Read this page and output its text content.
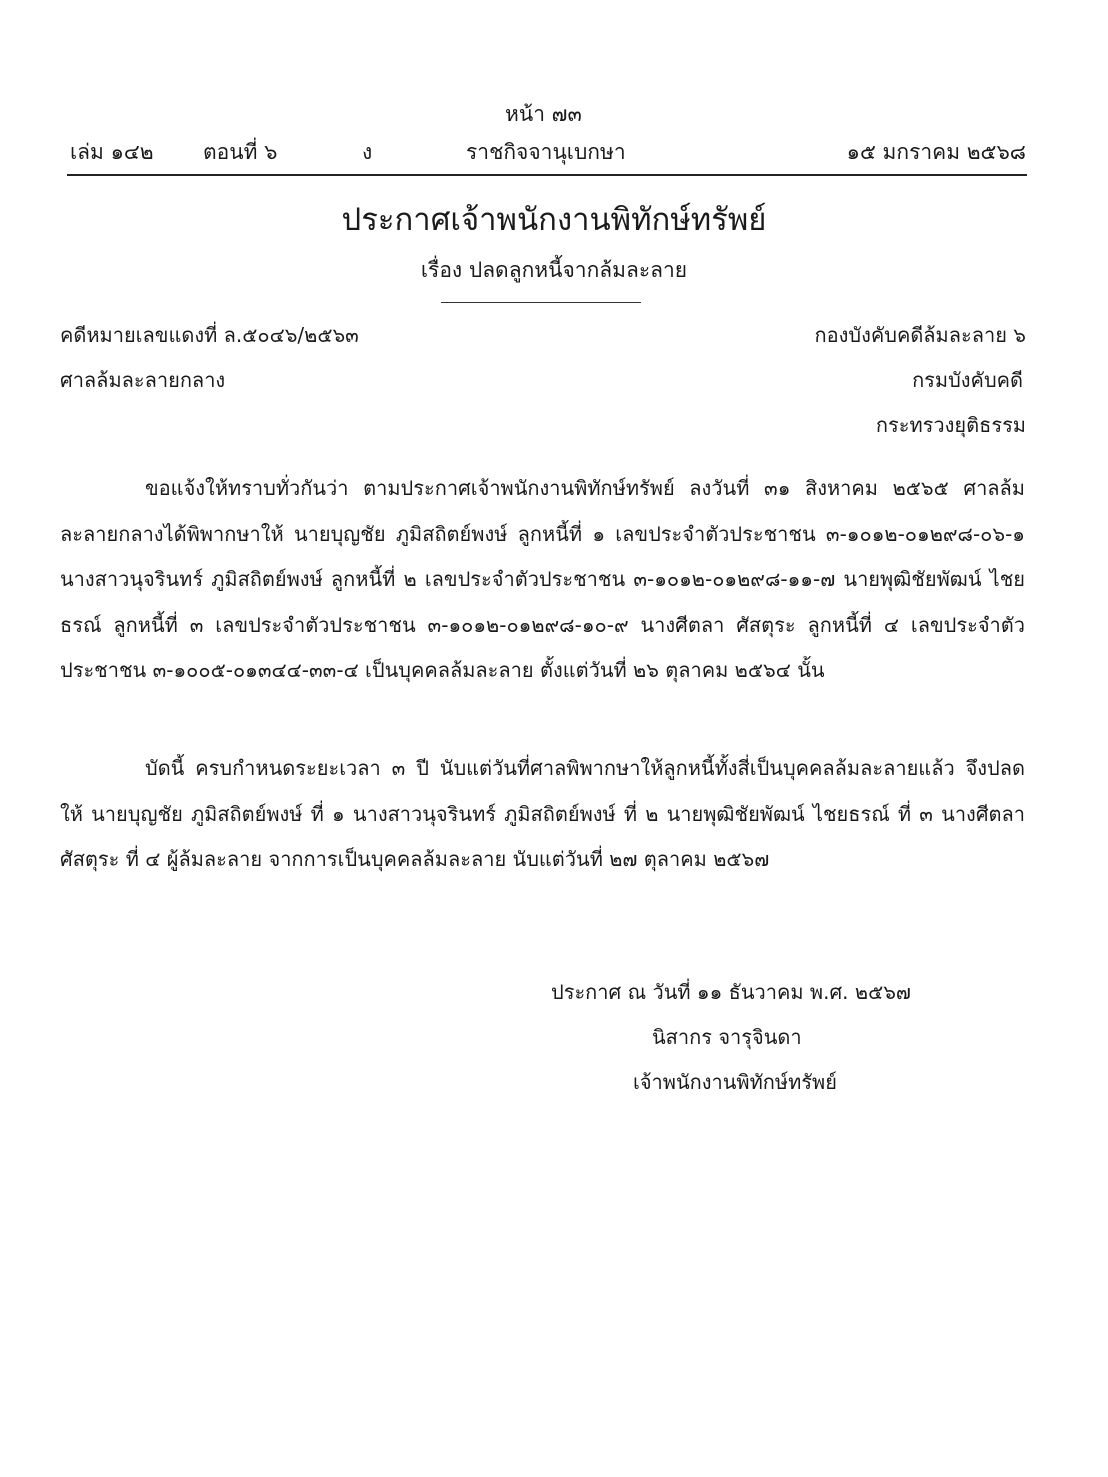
หน้า ๗๓
เล่ม ๑๔๒ ตอนที่ ๖	ง	ราชกิจจานุเบกษา	๑๕ มกราคม ๒๕๖๘
ประกาศเจ้าพนักงานพิทักษ์ทรัพย์
เรื่อง ปลดลูกหนี้จากล้มละลาย
คดีหมายเลขแดงที่ ล.๕๐๔๖/๒๕๖๓
ศาลล้มละลายกลาง
กองบังคับคดีล้มละลาย ๖
กรมบังคับคดี
กระทรวงยุติธรรม

ขอแจ้งให้ทราบทั่วกันว่า ตามประกาศเจ้าพนักงานพิทักษ์ทรัพย์ ลงวันที่ ๓๑ สิงหาคม ๒๕๖๕ ศาลล้มละลายกลางได้พิพากษาให้ นายบุญชัย ภูมิสถิตย์พงษ์ ลูกหนี้ที่ ๑ เลขประจำตัวประชาชน ๓-๑๐๑๒-๐๑๒๙๘-๐๖-๑ นางสาวนุจรินทร์ ภูมิสถิตย์พงษ์ ลูกหนี้ที่ ๒ เลขประจำตัวประชาชน ๓-๑๐๑๒-๐๑๒๙๘-๑๑-๗ นายพุฒิชัยพัฒน์ ไชยธรณ์ ลูกหนี้ที่ ๓ เลขประจำตัวประชาชน ๓-๑๐๑๒-๐๑๒๙๘-๑๐-๙ นางศีตลา ศัสตุระ ลูกหนี้ที่ ๔ เลขประจำตัวประชาชน ๓-๑๐๐๕-๐๑๓๔๔-๓๓-๔ เป็นบุคคลล้มละลาย ตั้งแต่วันที่ ๒๖ ตุลาคม ๒๕๖๔ นั้น

บัดนี้ ครบกำหนดระยะเวลา ๓ ปี นับแต่วันที่ศาลพิพากษาให้ลูกหนี้ทั้งสี่เป็นบุคคลล้มละลายแล้ว จึงปลดให้ นายบุญชัย ภูมิสถิตย์พงษ์ ที่ ๑ นางสาวนุจรินทร์ ภูมิสถิตย์พงษ์ ที่ ๒ นายพุฒิชัยพัฒน์ ไชยธรณ์ ที่ ๓ นางศีตลา ศัสตุระ ที่ ๔ ผู้ล้มละลาย จากการเป็นบุคคลล้มละลาย นับแต่วันที่ ๒๗ ตุลาคม ๒๕๖๗

ประกาศ ณ วันที่ ๑๑ ธันวาคม พ.ศ. ๒๕๖๗
นิสากร จารุจินดา
เจ้าพนักงานพิทักษ์ทรัพย์
